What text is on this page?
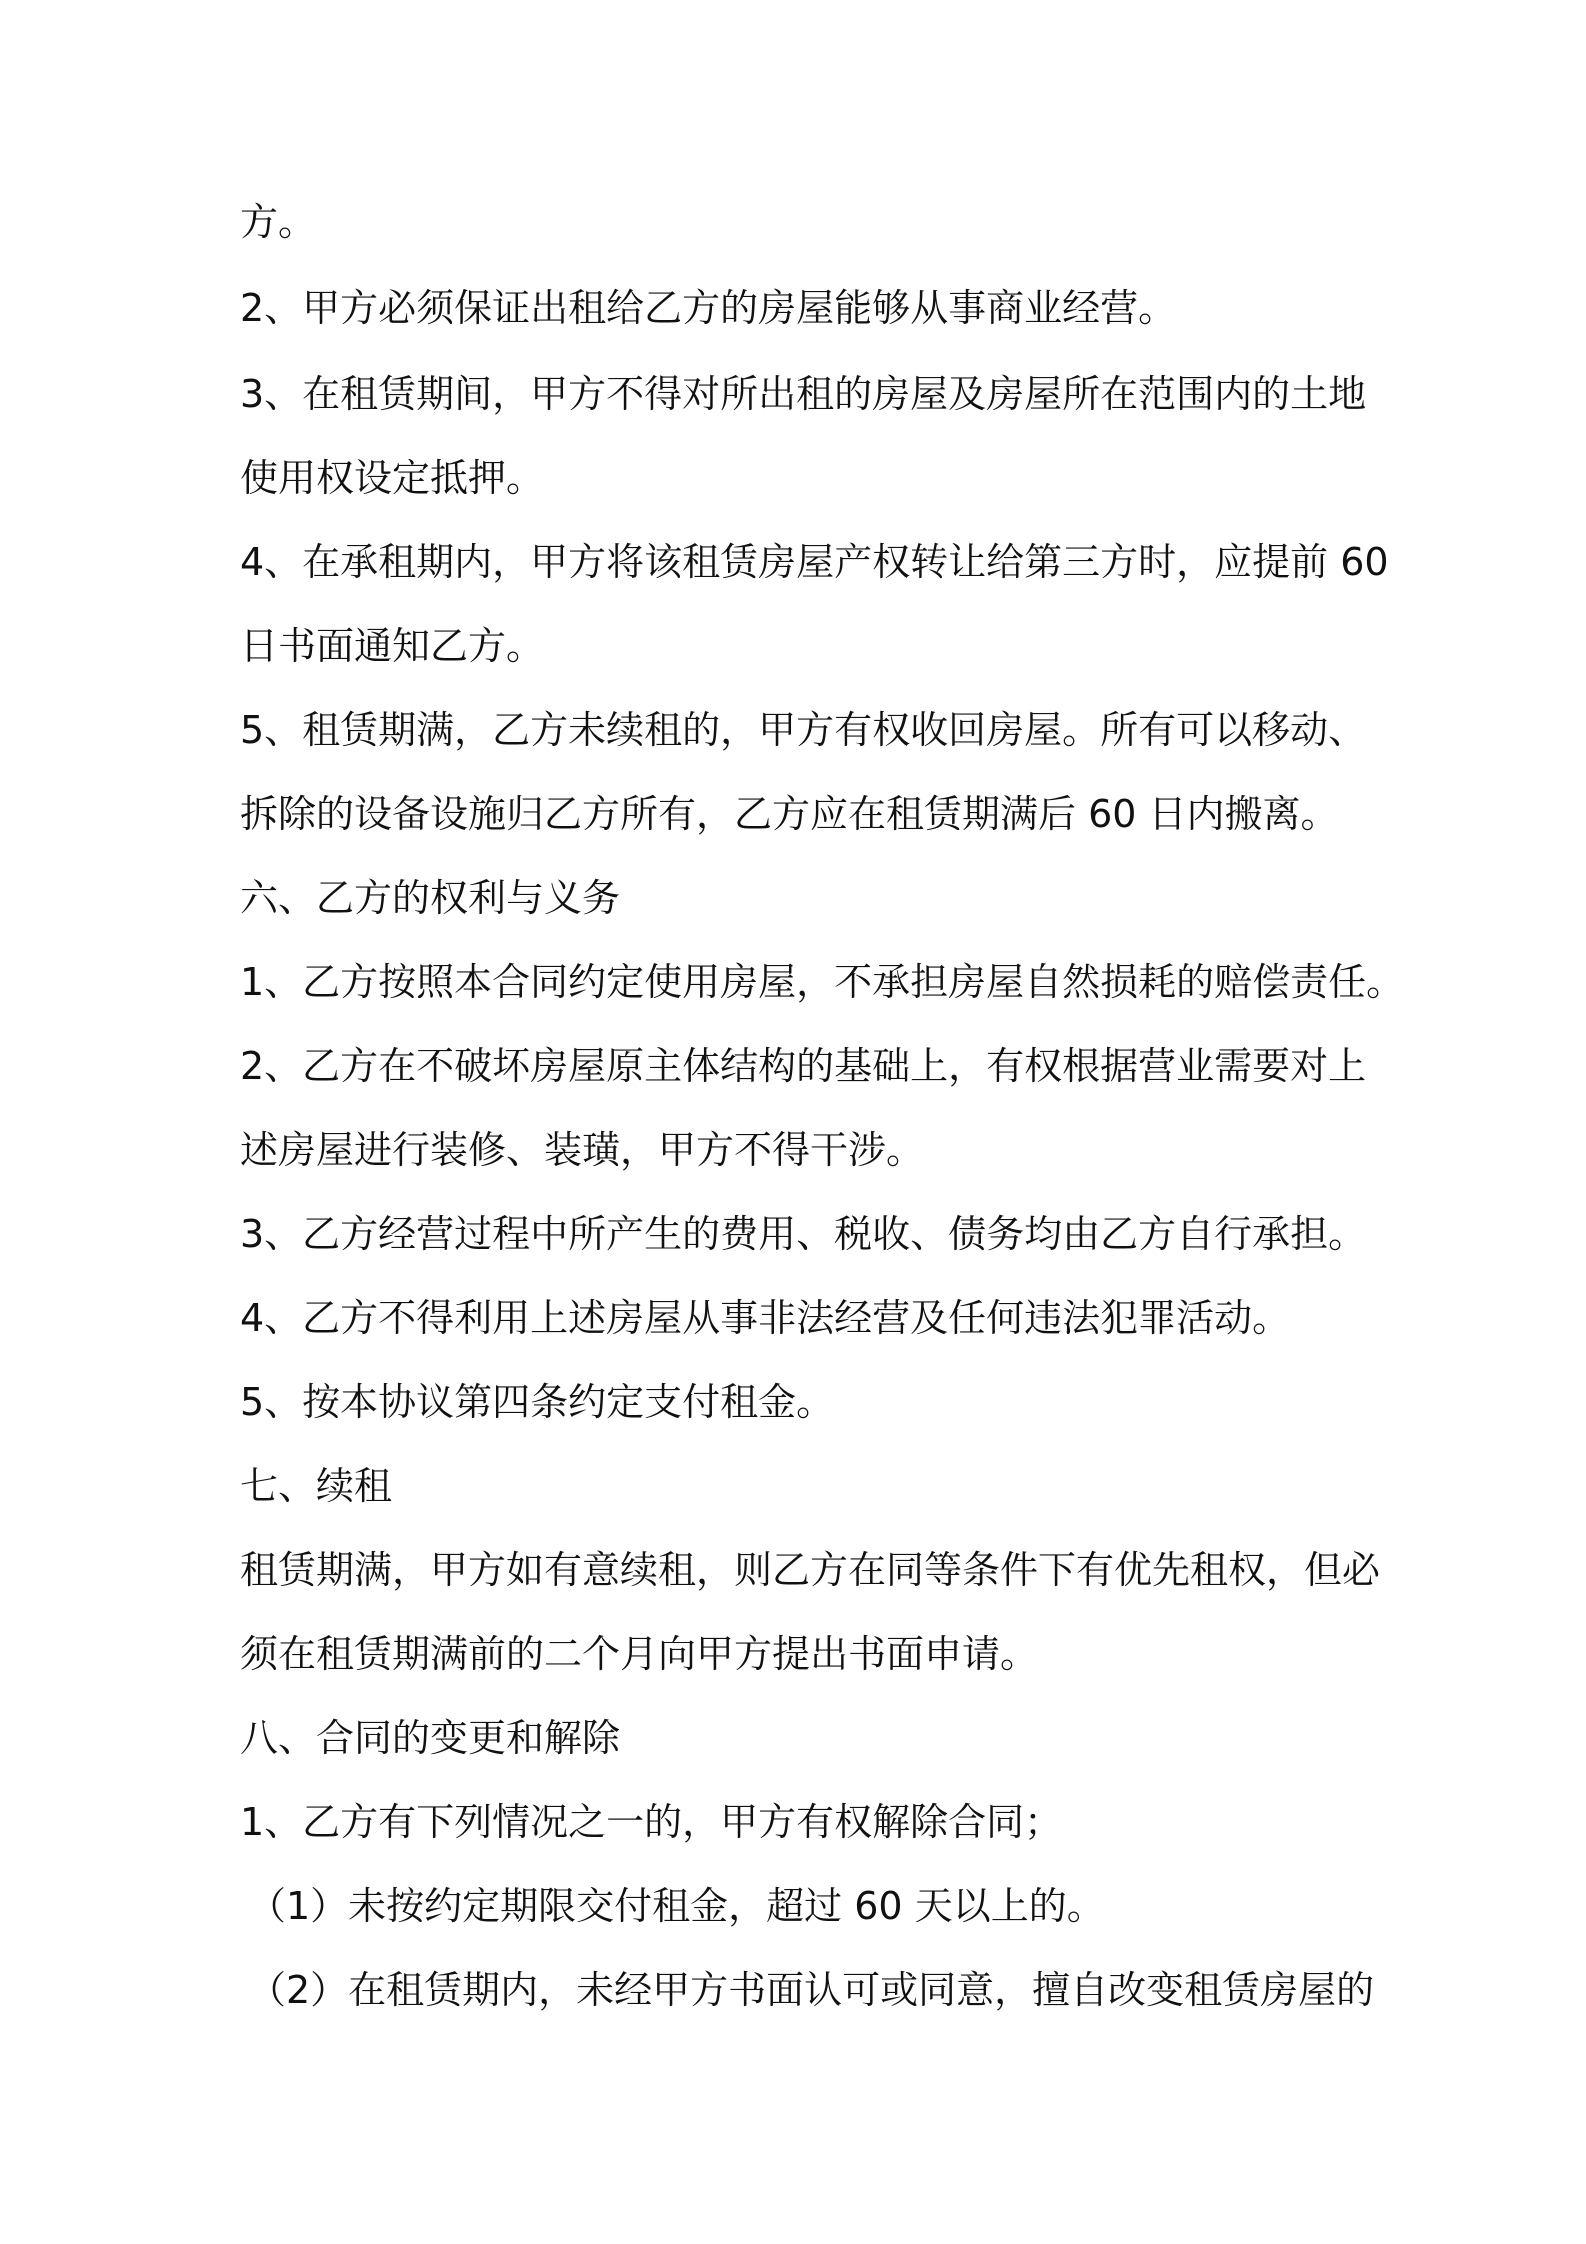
方。
2、甲方必须保证出租给乙方的房屋能够从事商业经营。
3、在租赁期间，甲方不得对所出租的房屋及房屋所在范围内的土地
使用权设定抵押。
4、在承租期内，甲方将该租赁房屋产权转让给第三方时，应提前 60
日书面通知乙方。
5、租赁期满，乙方未续租的，甲方有权收回房屋。所有可以移动、
拆除的设备设施归乙方所有，乙方应在租赁期满后 60 日内搬离。
六、乙方的权利与义务
1、乙方按照本合同约定使用房屋，不承担房屋自然损耗的赔偿责任。
2、乙方在不破坏房屋原主体结构的基础上，有权根据营业需要对上
述房屋进行装修、装璜，甲方不得干涉。
3、乙方经营过程中所产生的费用、税收、债务均由乙方自行承担。
4、乙方不得利用上述房屋从事非法经营及任何违法犯罪活动。
5、按本协议第四条约定支付租金。
七、续租
租赁期满，甲方如有意续租，则乙方在同等条件下有优先租权，但必
须在租赁期满前的二个月向甲方提出书面申请。
八、合同的变更和解除
1、乙方有下列情况之一的，甲方有权解除合同；
（1）未按约定期限交付租金，超过 60 天以上的。
（2）在租赁期内，未经甲方书面认可或同意，擅自改变租赁房屋的
